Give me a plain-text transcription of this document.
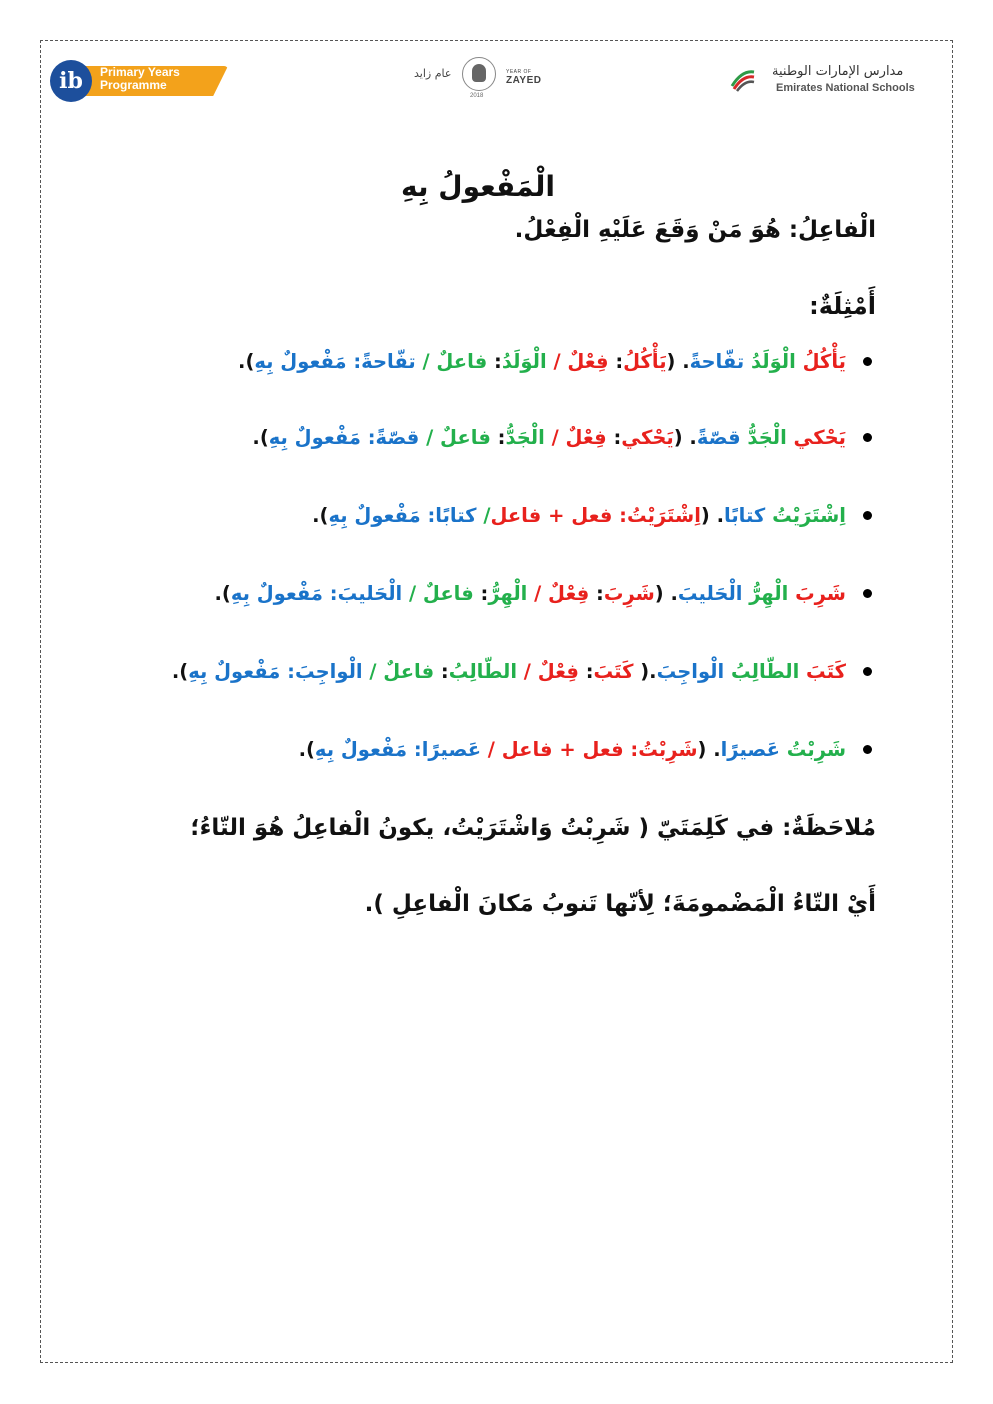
ib	Primary Years
Programme
عام زايد	YEAR OF
ZAYED
2018
مدارس الإمارات الوطنية
Emirates National Schools
الْمَفْعولُ بِهِ
الْفاعِلُ: هُوَ مَنْ وَقَعَ عَلَيْهِ الْفِعْلُ.
أَمْثِلَةٌ:
يَأْكُلُ الْوَلَدُ تفّاحةً. (يَأْكُلُ: فِعْلٌ / الْوَلَدُ: فاعلٌ / تفّاحةً: مَفْعولٌ بِهِ).
يَحْكي الْجَدُّ قصّةً. (يَحْكي: فِعْلٌ / الْجَدُّ: فاعلٌ / قصّةً: مَفْعولٌ بِهِ).
اِشْتَرَيْتُ كتابًا. (اِشْتَرَيْتُ: فعل + فاعل/ كتابًا: مَفْعولٌ بِهِ).
شَرِبَ الْهِرُّ الْحَليبَ. (شَرِبَ: فِعْلٌ / الْهِرُّ: فاعلٌ / الْحَليبَ: مَفْعولٌ بِهِ).
كَتَبَ الطّالِبُ الْواجِبَ.( كَتَبَ: فِعْلٌ / الطّالِبُ: فاعلٌ / الْواجِبَ: مَفْعولٌ بِهِ).
شَرِبْتُ عَصيرًا. (شَرِبْتُ: فعل + فاعل / عَصيرًا: مَفْعولٌ بِهِ).
مُلاحَظَةٌ: في كَلِمَتَيّ ( شَرِبْتُ وَاشْتَرَيْتُ، يكونُ الْفاعِلُ هُوَ التّاءُ؛
أَيْ التّاءُ الْمَضْمومَةَ؛ لِأنّها تَنوبُ مَكانَ الْفاعِلِ ).
